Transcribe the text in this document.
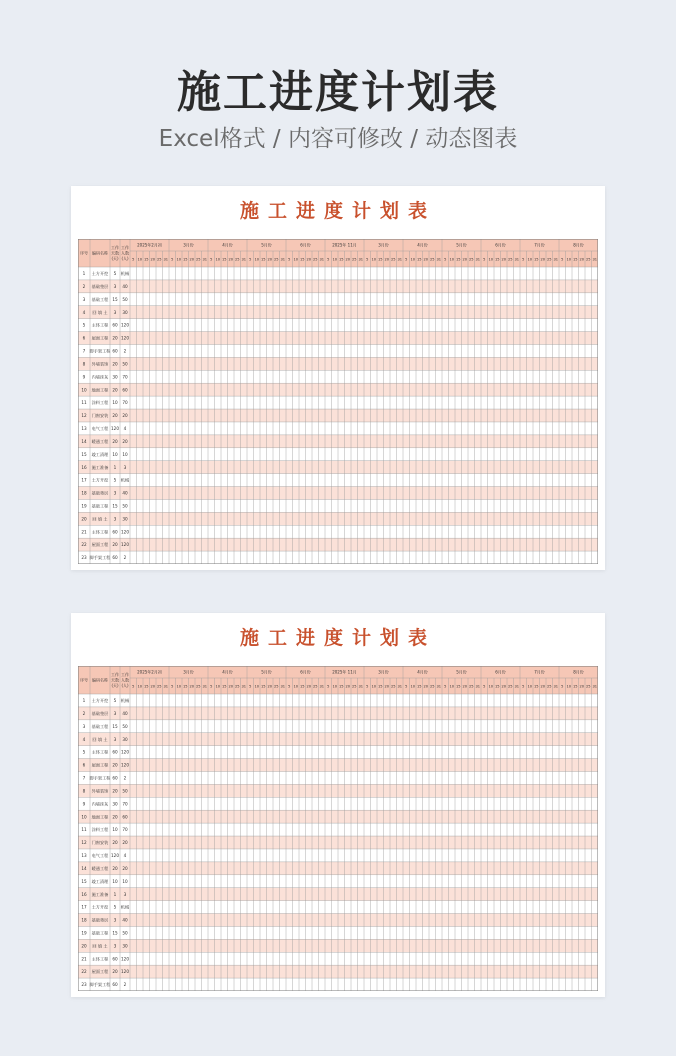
施工进度计划表
Excel格式 / 内容可修改 / 动态图表
施工进度计划表
1 土方开挖 5 机械
2 基础垫层 3 40
3 基础工程 15 50
4 回 填 土 3 30
5 主体工程 60 120
6 屋面工程 20 120
7 脚手架工程 60 2
8 外墙装饰 20 50
9 内墙抹灰 30 70
10 地面工程 20 60
11 涂料工程 10 70
12 门窗安装 20 20
13 电气工程 120 4
14 暖通工程 20 20
15 竣工清理 10 10
16 施工准备 1 3
17 土方开挖 5 机械
18 基础垫层 3 40
19 基础工程 15 50
20 回 填 土 3 30
21 主体工程 60 120
22 屋面工程 20 120
23 脚手架工程 60 2
序号 编码名称
工作
天数
(天)
工作
人数
(人)
2025年2月初
5 10 15 20 25 31
3月份
5 10 15 20 25 31
4月份
5 10 15 20 25 31
5月份
5 10 15 20 25 31
6月份
5 10 15 20 25 31
2025年 11月
5 10 15 20 25 31
3月份
5 10 15 20 25 31
4月份
5 10 15 20 25 31
5月份
5 10 15 20 25 31
6月份
5 10 15 20 25 31
7月份
5 10 15 20 25 31
8月份
5 10 15 20 25 31
施工进度计划表
1 土方开挖 5 机械
2 基础垫层 3 40
3 基础工程 15 50
4 回 填 土 3 30
5 主体工程 60 120
6 屋面工程 20 120
7 脚手架工程 60 2
8 外墙装饰 20 50
9 内墙抹灰 30 70
10 地面工程 20 60
11 涂料工程 10 70
12 门窗安装 20 20
13 电气工程 120 4
14 暖通工程 20 20
15 竣工清理 10 10
16 施工准备 1 3
17 土方开挖 5 机械
18 基础垫层 3 40
19 基础工程 15 50
20 回 填 土 3 30
21 主体工程 60 120
22 屋面工程 20 120
23 脚手架工程 60 2
序号 编码名称
工作
天数
(天)
工作
人数
(人)
2025年2月初
5 10 15 20 25 31
3月份
5 10 15 20 25 31
4月份
5 10 15 20 25 31
5月份
5 10 15 20 25 31
6月份
5 10 15 20 25 31
2025年 11月
5 10 15 20 25 31
3月份
5 10 15 20 25 31
4月份
5 10 15 20 25 31
5月份
5 10 15 20 25 31
6月份
5 10 15 20 25 31
7月份
5 10 15 20 25 31
8月份
5 10 15 20 25 31
